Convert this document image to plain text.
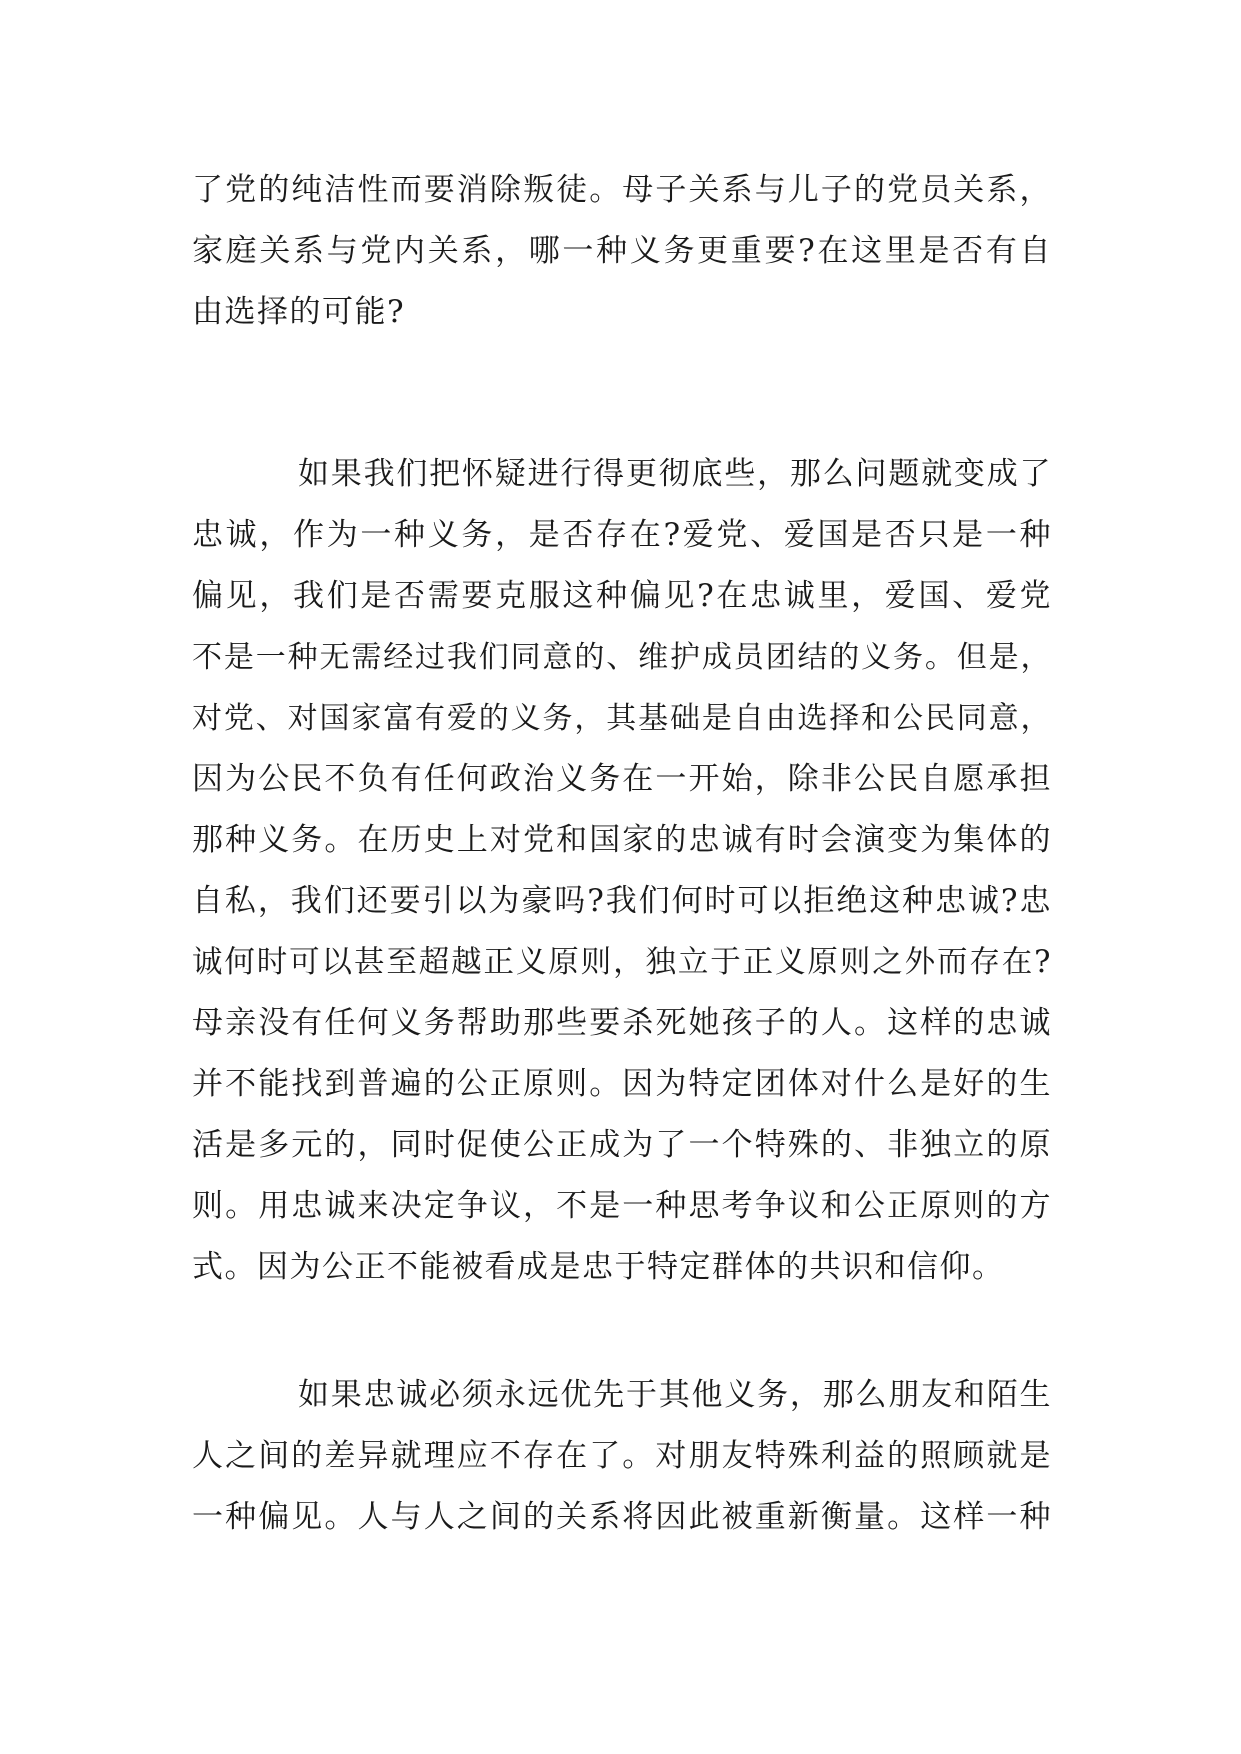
了党的纯洁性而要消除叛徒。母子关系与儿子的党员关系，
家庭关系与党内关系，哪一种义务更重要?在这里是否有自
由选择的可能?
如果我们把怀疑进行得更彻底些，那么问题就变成了
忠诚，作为一种义务，是否存在?爱党、爱国是否只是一种
偏见，我们是否需要克服这种偏见?在忠诚里，爱国、爱党
不是一种无需经过我们同意的、维护成员团结的义务。但是，
对党、对国家富有爱的义务，其基础是自由选择和公民同意，
因为公民不负有任何政治义务在一开始，除非公民自愿承担
那种义务。在历史上对党和国家的忠诚有时会演变为集体的
自私，我们还要引以为豪吗?我们何时可以拒绝这种忠诚?忠
诚何时可以甚至超越正义原则，独立于正义原则之外而存在?
母亲没有任何义务帮助那些要杀死她孩子的人。这样的忠诚
并不能找到普遍的公正原则。因为特定团体对什么是好的生
活是多元的，同时促使公正成为了一个特殊的、非独立的原
则。用忠诚来决定争议，不是一种思考争议和公正原则的方
式。因为公正不能被看成是忠于特定群体的共识和信仰。
如果忠诚必须永远优先于其他义务，那么朋友和陌生
人之间的差异就理应不存在了。对朋友特殊利益的照顾就是
一种偏见。人与人之间的关系将因此被重新衡量。这样一种
